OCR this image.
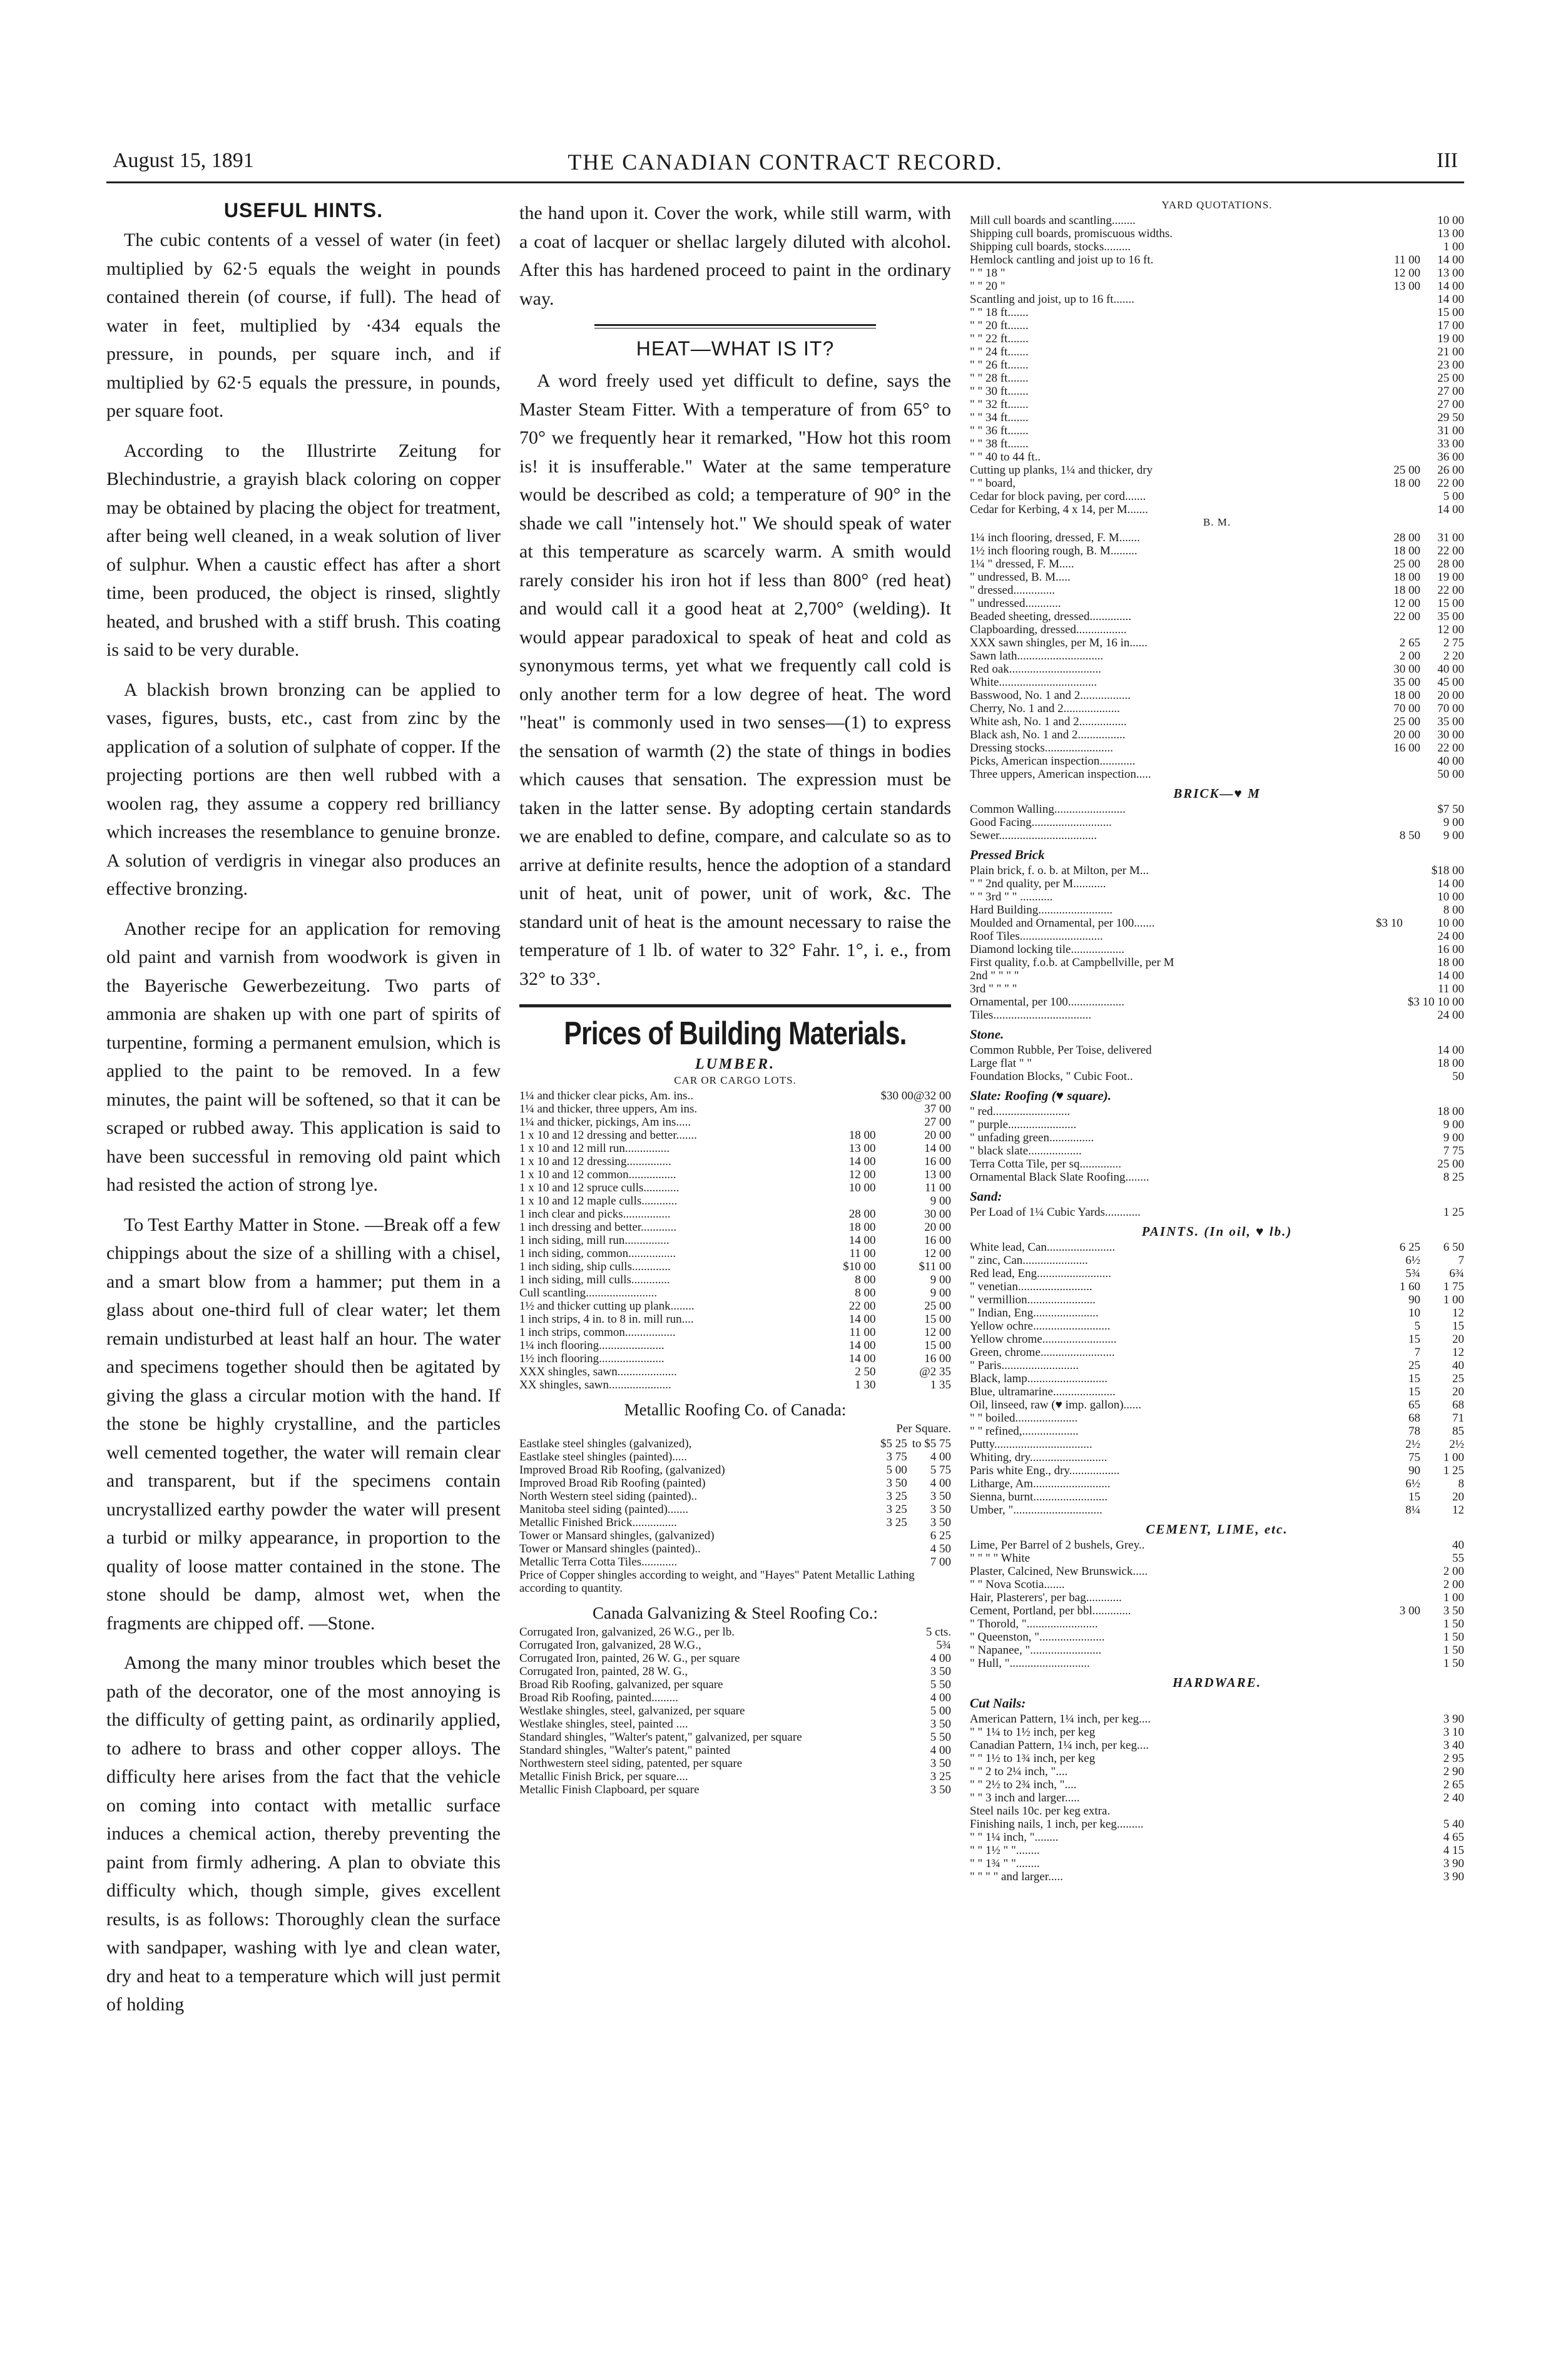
August 15, 1891	THE CANADIAN CONTRACT RECORD.	III
USEFUL HINTS.

The cubic contents of a vessel of water (in feet) multiplied by 62·5 equals the weight in pounds contained therein (of course, if full). The head of water in feet, multiplied by ·434 equals the pressure, in pounds, per square inch, and if multiplied by 62·5 equals the pressure, in pounds, per square foot.

According to the Illustrirte Zeitung for Blechindustrie, a grayish black coloring on copper may be obtained by placing the object for treatment, after being well cleaned, in a weak solution of liver of sulphur. When a caustic effect has after a short time, been produced, the object is rinsed, slightly heated, and brushed with a stiff brush. This coating is said to be very durable.

A blackish brown bronzing can be applied to vases, figures, busts, etc., cast from zinc by the application of a solution of sulphate of copper. If the projecting portions are then well rubbed with a woolen rag, they assume a coppery red brilliancy which increases the resemblance to genuine bronze. A solution of verdigris in vinegar also produces an effective bronzing.

Another recipe for an application for removing old paint and varnish from woodwork is given in the Bayerische Gewerbezeitung. Two parts of ammonia are shaken up with one part of spirits of turpentine, forming a permanent emulsion, which is applied to the paint to be removed. In a few minutes, the paint will be softened, so that it can be scraped or rubbed away. This application is said to have been successful in removing old paint which had resisted the action of strong lye.

To Test Earthy Matter in Stone. —Break off a few chippings about the size of a shilling with a chisel, and a smart blow from a hammer; put them in a glass about one-third full of clear water; let them remain undisturbed at least half an hour. The water and specimens together should then be agitated by giving the glass a circular motion with the hand. If the stone be highly crystalline, and the particles well cemented together, the water will remain clear and transparent, but if the specimens contain uncrystallized earthy powder the water will present a turbid or milky appearance, in proportion to the quality of loose matter contained in the stone. The stone should be damp, almost wet, when the fragments are chipped off. —Stone.

Among the many minor troubles which beset the path of the decorator, one of the most annoying is the difficulty of getting paint, as ordinarily applied, to adhere to brass and other copper alloys. The difficulty here arises from the fact that the vehicle on coming into contact with metallic surface induces a chemical action, thereby preventing the paint from firmly adhering. A plan to obviate this difficulty which, though simple, gives excellent results, is as follows: Thoroughly clean the surface with sandpaper, washing with lye and clean water, dry and heat to a temperature which will just permit of holding

the hand upon it. Cover the work, while still warm, with a coat of lacquer or shellac largely diluted with alcohol. After this has hardened proceed to paint in the ordinary way.

HEAT—WHAT IS IT?

A word freely used yet difficult to define, says the Master Steam Fitter. With a temperature of from 65° to 70° we frequently hear it remarked, "How hot this room is! it is insufferable." Water at the same temperature would be described as cold; a temperature of 90° in the shade we call "intensely hot." We should speak of water at this temperature as scarcely warm. A smith would rarely consider his iron hot if less than 800° (red heat) and would call it a good heat at 2,700° (welding). It would appear paradoxical to speak of heat and cold as synonymous terms, yet what we frequently call cold is only another term for a low degree of heat. The word "heat" is commonly used in two senses—(1) to express the sensation of warmth (2) the state of things in bodies which causes that sensation. The expression must be taken in the latter sense. By adopting certain standards we are enabled to define, compare, and calculate so as to arrive at definite results, hence the adoption of a standard unit of heat, unit of power, unit of work, &c. The standard unit of heat is the amount necessary to raise the temperature of 1 lb. of water to 32° Fahr. 1°, i. e., from 32° to 33°.

Prices of Building Materials.
LUMBER.
CAR OR CARGO LOTS.
1¼ and thicker clear picks, Am. ins..		$30 00@32 00
1¼ and thicker, three uppers, Am ins.		37 00
1¼ and thicker, pickings, Am ins.....		27 00
1 x 10 and 12 dressing and better.......	18 00	20 00
1 x 10 and 12 mill run...............	13 00	14 00
1 x 10 and 12 dressing...............	14 00	16 00
1 x 10 and 12 common................	12 00	13 00
1 x 10 and 12 spruce culls............	10 00	11 00
1 x 10 and 12 maple culls............		9 00
1 inch clear and picks................	28 00	30 00
1 inch dressing and better............	18 00	20 00
1 inch siding, mill run...............	14 00	16 00
1 inch siding, common................	11 00	12 00
1 inch siding, ship culls.............	$10 00	$11 00
1 inch siding, mill culls.............	8 00	9 00
Cull scantling........................	8 00	9 00
1½ and thicker cutting up plank........	22 00	25 00
1 inch strips, 4 in. to 8 in. mill run....	14 00	15 00
1 inch strips, common.................	11 00	12 00
1¼ inch flooring......................	14 00	15 00
1½ inch flooring......................	14 00	16 00
XXX shingles, sawn....................	2 50	@2 35
XX shingles, sawn.....................	1 30	1 35
Metallic Roofing Co. of Canada:
Per Square.
Eastlake steel shingles (galvanized),	$5 25	to $5 75
Eastlake steel shingles (painted).....	3 75	4 00
Improved Broad Rib Roofing, (galvanized)	5 00	5 75
Improved Broad Rib Roofing (painted)	3 50	4 00
North Western steel siding (painted)..	3 25	3 50
Manitoba steel siding (painted).......	3 25	3 50
Metallic Finished Brick...............	3 25	3 50
Tower or Mansard shingles, (galvanized)		6 25
Tower or Mansard shingles (painted)..		4 50
Metallic Terra Cotta Tiles............		7 00
Price of Copper shingles according to weight, and "Hayes" Patent Metallic Lathing according to quantity.
Canada Galvanizing & Steel Roofing Co.:
Corrugated Iron, galvanized, 26 W.G., per lb.		5 cts.
Corrugated Iron, galvanized, 28 W.G.,		5¾
Corrugated Iron, painted, 26 W. G., per square		4 00
Corrugated Iron, painted, 28 W. G.,		3 50
Broad Rib Roofing, galvanized, per square		5 50
Broad Rib Roofing, painted.........		4 00
Westlake shingles, steel, galvanized, per square		5 00
Westlake shingles, steel, painted ....		3 50
Standard shingles, "Walter's patent," galvanized, per square		5 50
Standard shingles, "Walter's patent," painted		4 00
Northwestern steel siding, patented, per square		3 50
Metallic Finish Brick, per square....		3 25
Metallic Finish Clapboard, per square		3 50
YARD QUOTATIONS.
Mill cull boards and scantling........		10 00
Shipping cull boards, promiscuous widths.		13 00
Shipping cull boards, stocks.........		1 00
Hemlock cantling and joist up to 16 ft.	11 00	14 00
" " 18 "	12 00	13 00
" " 20 "	13 00	14 00
Scantling and joist, up to 16 ft.......		14 00
" " 18 ft.......		15 00
" " 20 ft.......		17 00
" " 22 ft.......		19 00
" " 24 ft.......		21 00
" " 26 ft.......		23 00
" " 28 ft.......		25 00
" " 30 ft.......		27 00
" " 32 ft.......		27 00
" " 34 ft.......		29 50
" " 36 ft.......		31 00
" " 38 ft.......		33 00
" " 40 to 44 ft..		36 00
Cutting up planks, 1¼ and thicker, dry	25 00	26 00
" " board,	18 00	22 00
Cedar for block paving, per cord.......		5 00
Cedar for Kerbing, 4 x 14, per M.......		14 00
B. M.
1¼ inch flooring, dressed, F. M.......	28 00	31 00
1½ inch flooring rough, B. M.........	18 00	22 00
1¼ " dressed, F. M.....	25 00	28 00
" undressed, B. M.....	18 00	19 00
" dressed..............	18 00	22 00
" undressed............	12 00	15 00
Beaded sheeting, dressed..............	22 00	35 00
Clapboarding, dressed.................		12 00
XXX sawn shingles, per M, 16 in......	2 65	2 75
Sawn lath.............................	2 00	2 20
Red oak...............................	30 00	40 00
White.................................	35 00	45 00
Basswood, No. 1 and 2.................	18 00	20 00
Cherry, No. 1 and 2...................	70 00	70 00
White ash, No. 1 and 2................	25 00	35 00
Black ash, No. 1 and 2................	20 00	30 00
Dressing stocks.......................	16 00	22 00
Picks, American inspection............		40 00
Three uppers, American inspection.....		50 00
BRICK—♥ M
Common Walling........................		$7 50
Good Facing...........................		9 00
Sewer.................................	8 50	9 00
Pressed Brick
Plain brick, f. o. b. at Milton, per M...		$18 00
" " 2nd quality, per M...........		14 00
" " 3rd " " ...........		10 00
Hard Building.........................		8 00
Moulded and Ornamental, per 100.......	$3 10	10 00
Roof Tiles............................		24 00
Diamond locking tile..................		16 00
First quality, f.o.b. at Campbellville, per M		18 00
2nd " " " "		14 00
3rd " " " "		11 00
Ornamental, per 100...................		$3 10 10 00
Tiles.................................		24 00
Stone.
Common Rubble, Per Toise, delivered		14 00
Large flat " "		18 00
Foundation Blocks, " Cubic Foot..		50
Slate: Roofing (♥ square).
" red..........................		18 00
" purple.......................		9 00
" unfading green...............		9 00
" black slate..................		7 75
Terra Cotta Tile, per sq..............		25 00
Ornamental Black Slate Roofing........		8 25
Sand:
Per Load of 1¼ Cubic Yards............		1 25
PAINTS. (In oil, ♥ lb.)
White lead, Can.......................	6 25	6 50
" zinc, Can......................	6½	7
Red lead, Eng.........................	5¾	6¾
" venetian.........................	1 60	1 75
" vermillion.......................	90	1 00
" Indian, Eng......................	10	12
Yellow ochre..........................	5	15
Yellow chrome.........................	15	20
Green, chrome.........................	7	12
" Paris..........................	25	40
Black, lamp...........................	15	25
Blue, ultramarine.....................	15	20
Oil, linseed, raw (♥ imp. gallon)......	65	68
" " boiled.....................	68	71
" " refined,...................	78	85
Putty.................................	2½	2½
Whiting, dry..........................	75	1 00
Paris white Eng., dry.................	90	1 25
Litharge, Am..........................	6½	8
Sienna, burnt.........................	15	20
Umber, "..............................	8¼	12
CEMENT, LIME, etc.
Lime, Per Barrel of 2 bushels, Grey..		40
" " " " White		55
Plaster, Calcined, New Brunswick.....		2 00
" " Nova Scotia.......		2 00
Hair, Plasterers', per bag............		1 00
Cement, Portland, per bbl.............	3 00	3 50
" Thorold, "........................		1 50
" Queenston, "......................		1 50
" Napanee, "........................		1 50
" Hull, "...........................		1 50
HARDWARE.
Cut Nails:
American Pattern, 1¼ inch, per keg....		3 90
" " 1¼ to 1½ inch, per keg		3 10
Canadian Pattern, 1¼ inch, per keg....		3 40
" " 1½ to 1¾ inch, per keg		2 95
" " 2 to 2¼ inch, "....		2 90
" " 2½ to 2¾ inch, "....		2 65
" " 3 inch and larger.....		2 40
Steel nails 10c. per keg extra.		
Finishing nails, 1 inch, per keg.........		5 40
" " 1¼ inch, "........		4 65
" " 1½ " "........		4 15
" " 1¾ " "........		3 90
" " " " and larger.....		3 90
